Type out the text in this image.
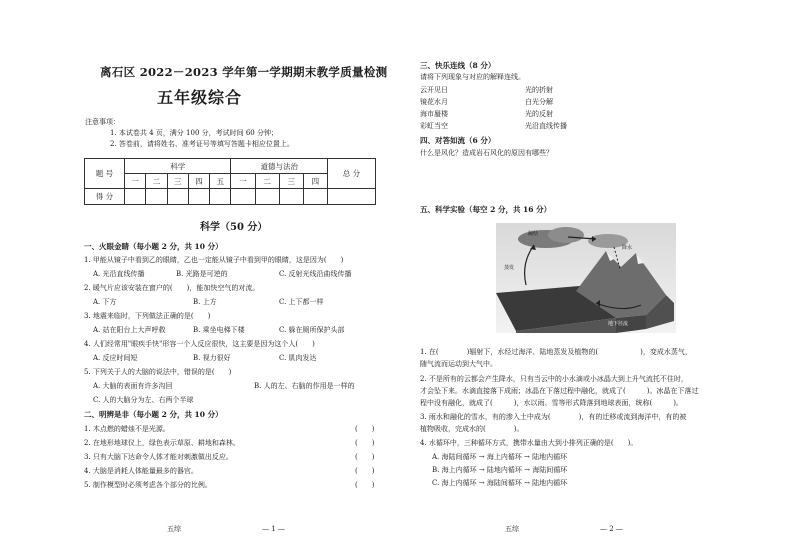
离石区 2022－2023 学年第一学期期末教学质量检测
五年级综合
注意事项：
1. 本试卷共 4 页，满分 100 分，考试时间 60 分钟；
2. 答卷前，请将姓名、准考证号等填写答题卡相应位置上。
题 号	科学					道德与法治				总 分
	一	二	三	四	五	一	二	三	四	
得 分										
科学（50 分）
一、火眼金睛（每小题 2 分，共 10 分）
1. 甲能从镜子中看到乙的眼睛，乙也一定能从镜子中看到甲的眼睛，这是因为(　　)
A. 光沿直线传播	B. 光路是可逆的	C. 反射光线沿曲线传播
2. 暖气片应该安装在窗户的(　　)，能加快空气的对流。
A. 下方	B. 上方	C. 上下都一样
3. 地震来临时，下列做法正确的是(　　)
A. 站在阳台上大声呼救	B. 乘坐电梯下楼	C. 躲在厕所保护头部
4. 人们经常用"眼疾手快"形容一个人反应很快，这主要是因为这个人(　　)
A. 反应时间短	B. 视力很好	C. 肌肉发达
5. 下列关于人的大脑的说法中，错误的是(　　)
A. 大脑的表面有许多沟回	B. 人的左、右脑的作用是一样的
C. 人的大脑分为左、右两个半球
二、明辨是非（每小题 2 分，共 10 分）
1. 木点燃的蜡烛不是光源。	(　　)
2. 在地形地球仪上，绿色表示草原、耕地和森林。	(　　)
3. 只有大脑下达命令人体才能对刺激做出反应。	(　　)
4. 大脑是消耗人体能量最多的器官。	(　　)
5. 制作模型时必须考虑各个部分的比例。	(　　)
五综	— 1 —
三、快乐连线（8 分）
请将下列现象与对应的解释连线。
云开见日	光的折射
镜花水月	白光分解
海市蜃楼	光的反射
彩虹当空	光沿直线传播
四、对答如流（6 分）
什么是风化？造成岩石风化的原因有哪些？
五、科学实验（每空 2 分，共 16 分）
凝结
降水
蒸发
地下径流
1. 在(　　　　)辐射下，水经过海洋、陆地蒸发及植物的(　　　　　　)，变成水蒸气，
随气流而运动到大气中。
2. 不是所有的云都会产生降水，只有当云中的小水滴或小冰晶大到上升气流托不住时，
才会坠下来。水滴直接落下成雨；冰晶在下落过程中融化，就成了(　　　)。冰晶在下落过
程中没有融化，就成了(　　　)，水以雨、雪等形式降落到地球表面，统称(　　　)。
3. 雨水和融化的雪水，有的渗入土中成为(　　　　)，有的迁移或流到海洋中，有的被
植物吸收，完成水的(　　　　)。
4. 水循环中，三种循环方式，携带水量由大到小排列正确的是(　　)。
A. 海陆间循环 → 海上内循环 → 陆地内循环
B. 海上内循环 → 陆地内循环 → 海陆间循环
C. 海上内循环 → 海陆间循环 → 陆地内循环
五综	— 2 —
